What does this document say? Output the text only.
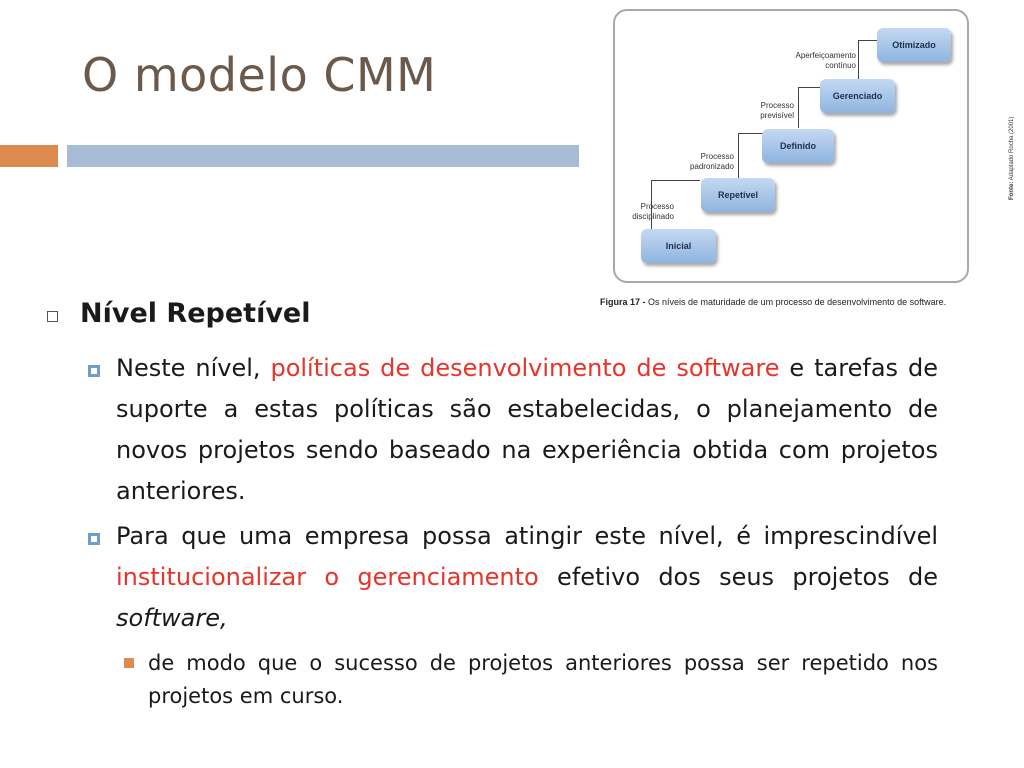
O modelo CMM
Inicial
Repetível
Definido
Gerenciado
Otimizado
Processo
disciplinado
Processo
padronizado
Processo
previsível
Aperfeiçoamento
contínuo
Figura 17 - Os níveis de maturidade de um processo de desenvolvimento de software.
Fonte: Adaptado Rocha (2001)
Nível Repetível
Neste nível, políticas de desenvolvimento de software e tarefas de suporte a estas políticas são estabelecidas, o planejamento de novos projetos sendo baseado na experiência obtida com projetos anteriores.
Para que uma empresa possa atingir este nível, é imprescindível institucionalizar o gerenciamento efetivo dos seus projetos de software,
de modo que o sucesso de projetos anteriores possa ser repetido nos projetos em curso.
